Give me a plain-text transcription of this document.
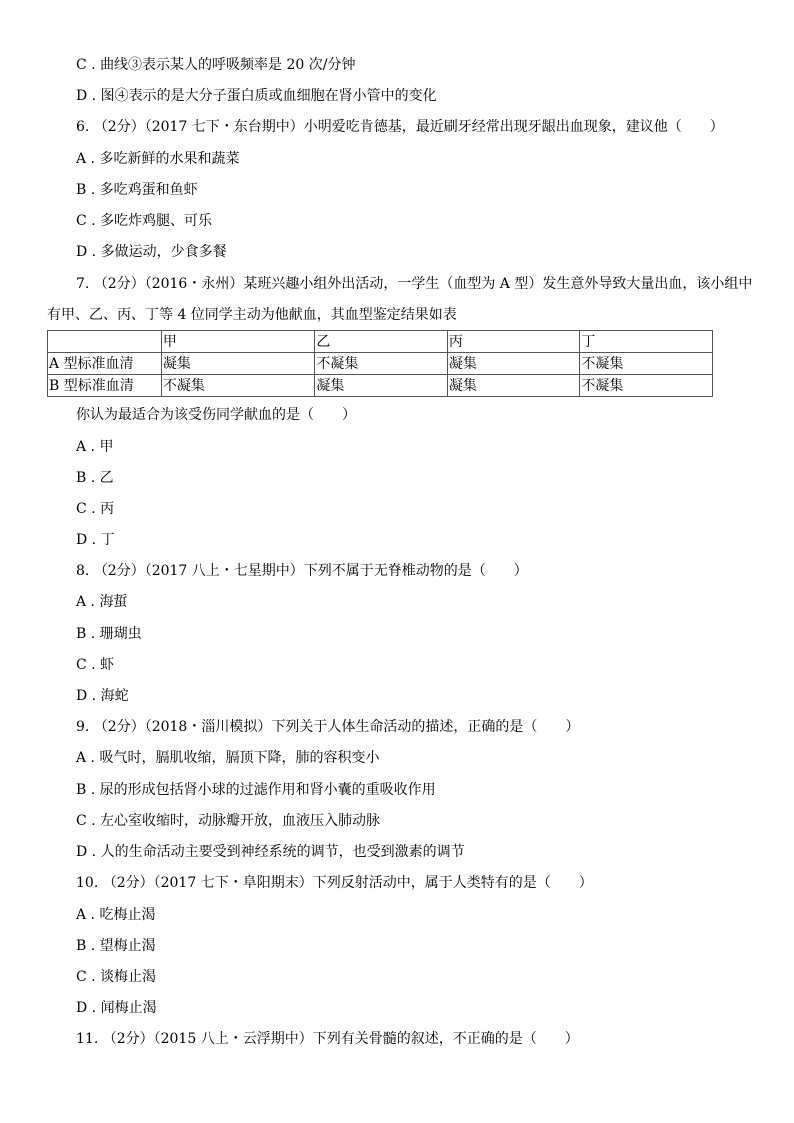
C . 曲线③表示某人的呼吸频率是 20 次/分钟
D . 图④表示的是大分子蛋白质或血细胞在肾小管中的变化
6. （2分）（2017 七下・东台期中）小明爱吃肯德基，最近刷牙经常出现牙龈出血现象，建议他（　　）
A . 多吃新鲜的水果和蔬菜
B . 多吃鸡蛋和鱼虾
C . 多吃炸鸡腿、可乐
D . 多做运动，少食多餐
7. （2分）（2016・永州）某班兴趣小组外出活动，一学生（血型为 A 型）发生意外导致大量出血，该小组中
有甲、乙、丙、丁等 4 位同学主动为他献血，其血型鉴定结果如表
	甲	乙	丙	丁
A 型标准血清	凝集	不凝集	凝集	不凝集
B 型标准血清	不凝集	凝集	凝集	不凝集
你认为最适合为该受伤同学献血的是（　　）
A . 甲
B . 乙
C . 丙
D . 丁
8. （2分）（2017 八上・七星期中）下列不属于无脊椎动物的是（　　）
A . 海蜇
B . 珊瑚虫
C . 虾
D . 海蛇
9. （2分）（2018・淄川模拟）下列关于人体生命活动的描述，正确的是（　　）
A . 吸气时，膈肌收缩，膈顶下降，肺的容积变小
B . 尿的形成包括肾小球的过滤作用和肾小囊的重吸收作用
C . 左心室收缩时，动脉瓣开放，血液压入肺动脉
D . 人的生命活动主要受到神经系统的调节，也受到激素的调节
10. （2分）（2017 七下・阜阳期末）下列反射活动中，属于人类特有的是（　　）
A . 吃梅止渴
B . 望梅止渴
C . 谈梅止渴
D . 闻梅止渴
11. （2分）（2015 八上・云浮期中）下列有关骨髓的叙述，不正确的是（　　）
